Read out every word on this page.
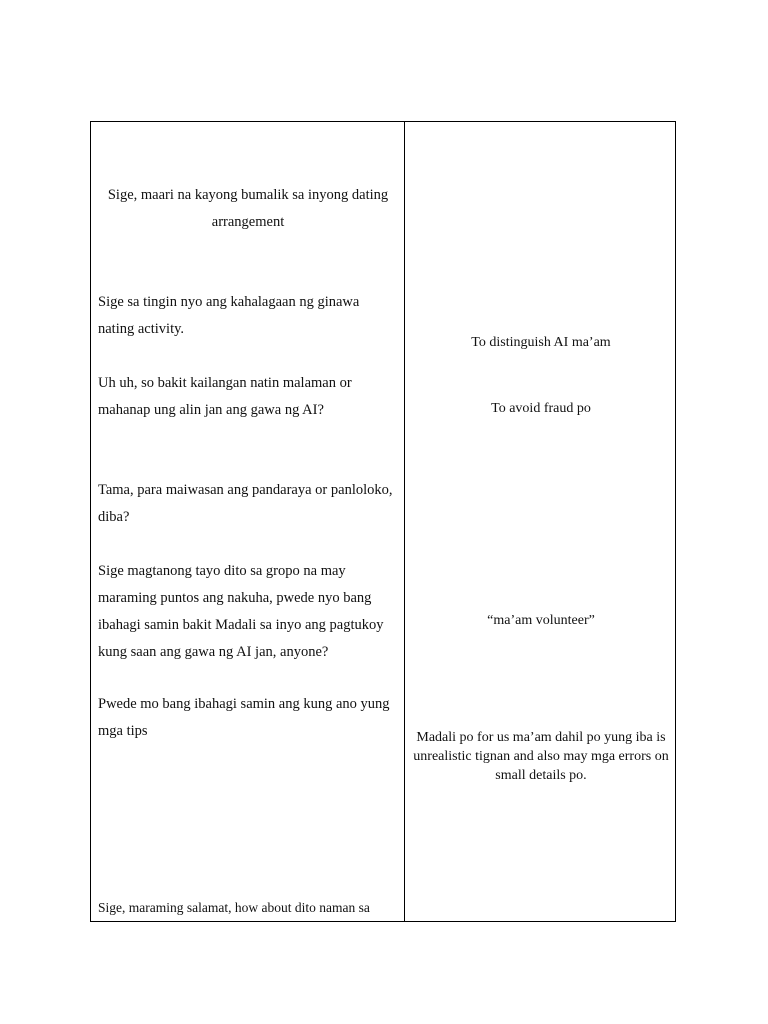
Sige, maari na kayong bumalik sa inyong dating arrangement

Sige sa tingin nyo ang kahalagaan ng ginawa nating activity.

Uh uh, so bakit kailangan natin malaman or mahanap ung alin jan ang gawa ng AI?

Tama, para maiwasan ang pandaraya or panloloko, diba?

Sige magtanong tayo dito sa gropo na may maraming puntos ang nakuha, pwede nyo bang ibahagi samin bakit Madali sa inyo ang pagtukoy kung saan ang gawa ng AI jan, anyone?

Pwede mo bang ibahagi samin ang kung ano yung mga tips

Sige, maraming salamat, how about dito naman sa

To distinguish AI ma’am

To avoid fraud po

“ma’am volunteer”

Madali po for us ma’am dahil po yung iba is unrealistic tignan and also may mga errors on small details po.
